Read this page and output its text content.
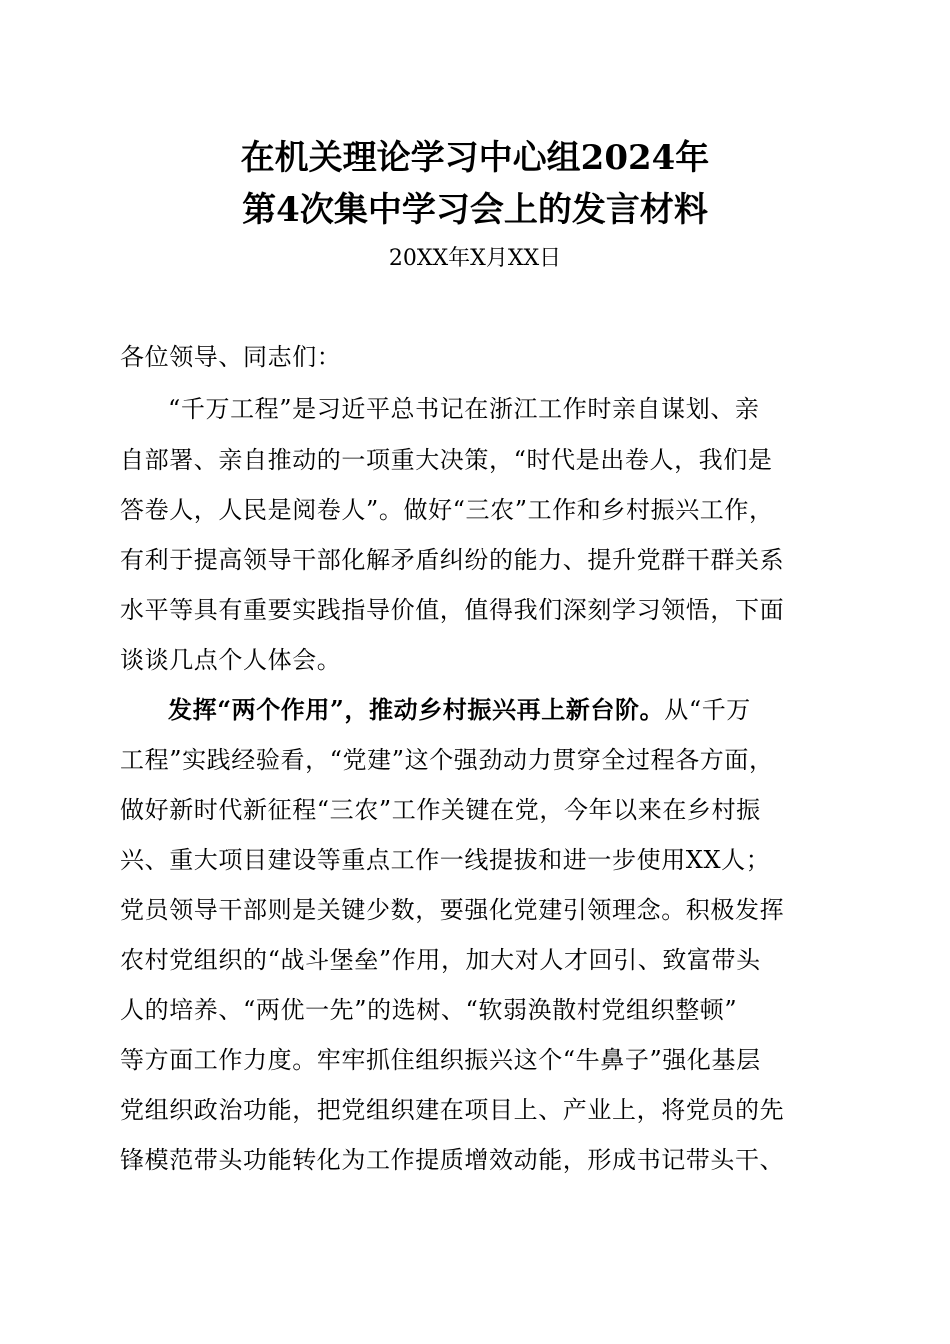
在机关理论学习中心组2024年
第4次集中学习会上的发言材料
20XX年X月XX日
各位领导、同志们：
“千万工程”是习近平总书记在浙江工作时亲自谋划、亲
自部署、亲自推动的一项重大决策，“时代是出卷人，我们是
答卷人，人民是阅卷人”。做好“三农”工作和乡村振兴工作，
有利于提高领导干部化解矛盾纠纷的能力、提升党群干群关系
水平等具有重要实践指导价值，值得我们深刻学习领悟，下面
谈谈几点个人体会。
发挥“两个作用”，推动乡村振兴再上新台阶。从“千万
工程”实践经验看，“党建”这个强劲动力贯穿全过程各方面，
做好新时代新征程“三农”工作关键在党，今年以来在乡村振
兴、重大项目建设等重点工作一线提拔和进一步使用XX人；
党员领导干部则是关键少数，要强化党建引领理念。积极发挥
农村党组织的“战斗堡垒”作用，加大对人才回引、致富带头
人的培养、“两优一先”的选树、“软弱涣散村党组织整顿”
等方面工作力度。牢牢抓住组织振兴这个“牛鼻子”强化基层
党组织政治功能，把党组织建在项目上、产业上，将党员的先
锋模范带头功能转化为工作提质增效动能，形成书记带头干、
